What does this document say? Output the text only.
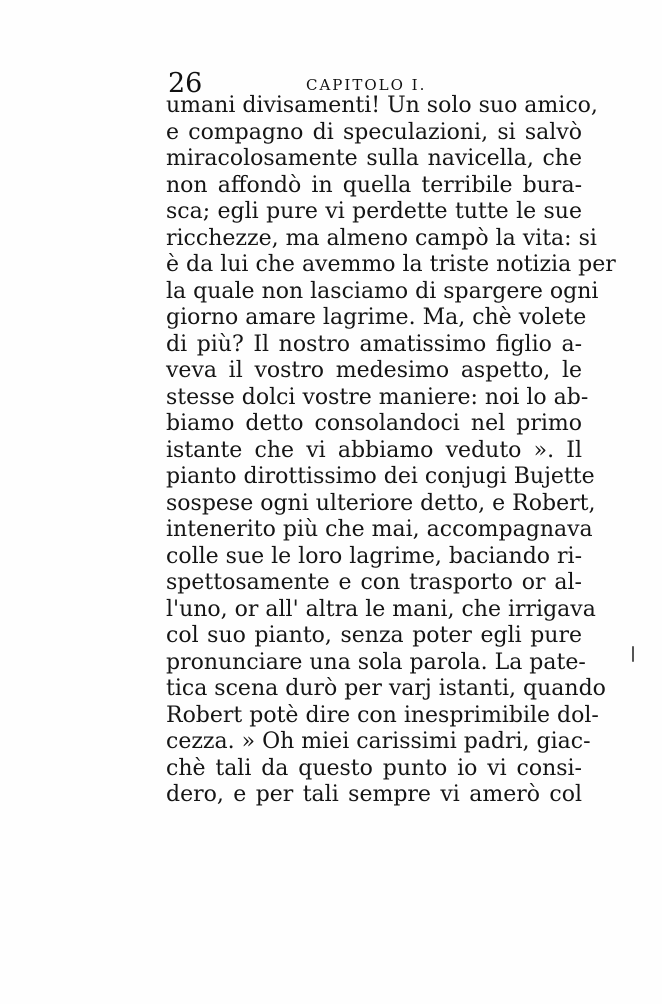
26	CAPITOLO I.
umani divisamenti! Un solo suo amico,
e compagno di speculazioni, si salvò
miracolosamente sulla navicella, che
non affondò in quella terribile bura-
sca; egli pure vi perdette tutte le sue
ricchezze, ma almeno campò la vita: si
è da lui che avemmo la triste notizia per
la quale non lasciamo di spargere ogni
giorno amare lagrime. Ma, chè volete
di più? Il nostro amatissimo figlio a-
veva il vostro medesimo aspetto, le
stesse dolci vostre maniere: noi lo ab-
biamo detto consolandoci nel primo
istante che vi abbiamo veduto ». Il
pianto dirottissimo dei conjugi Bujette
sospese ogni ulteriore detto, e Robert,
intenerito più che mai, accompagnava
colle sue le loro lagrime, baciando ri-
spettosamente e con trasporto or al-
l'uno, or all' altra le mani, che irrigava
col suo pianto, senza poter egli pure
pronunciare una sola parola. La pate-
tica scena durò per varj istanti, quando
Robert potè dire con inesprimibile dol-
cezza. » Oh miei carissimi padri, giac-
chè tali da questo punto io vi consi-
dero, e per tali sempre vi amerò col
